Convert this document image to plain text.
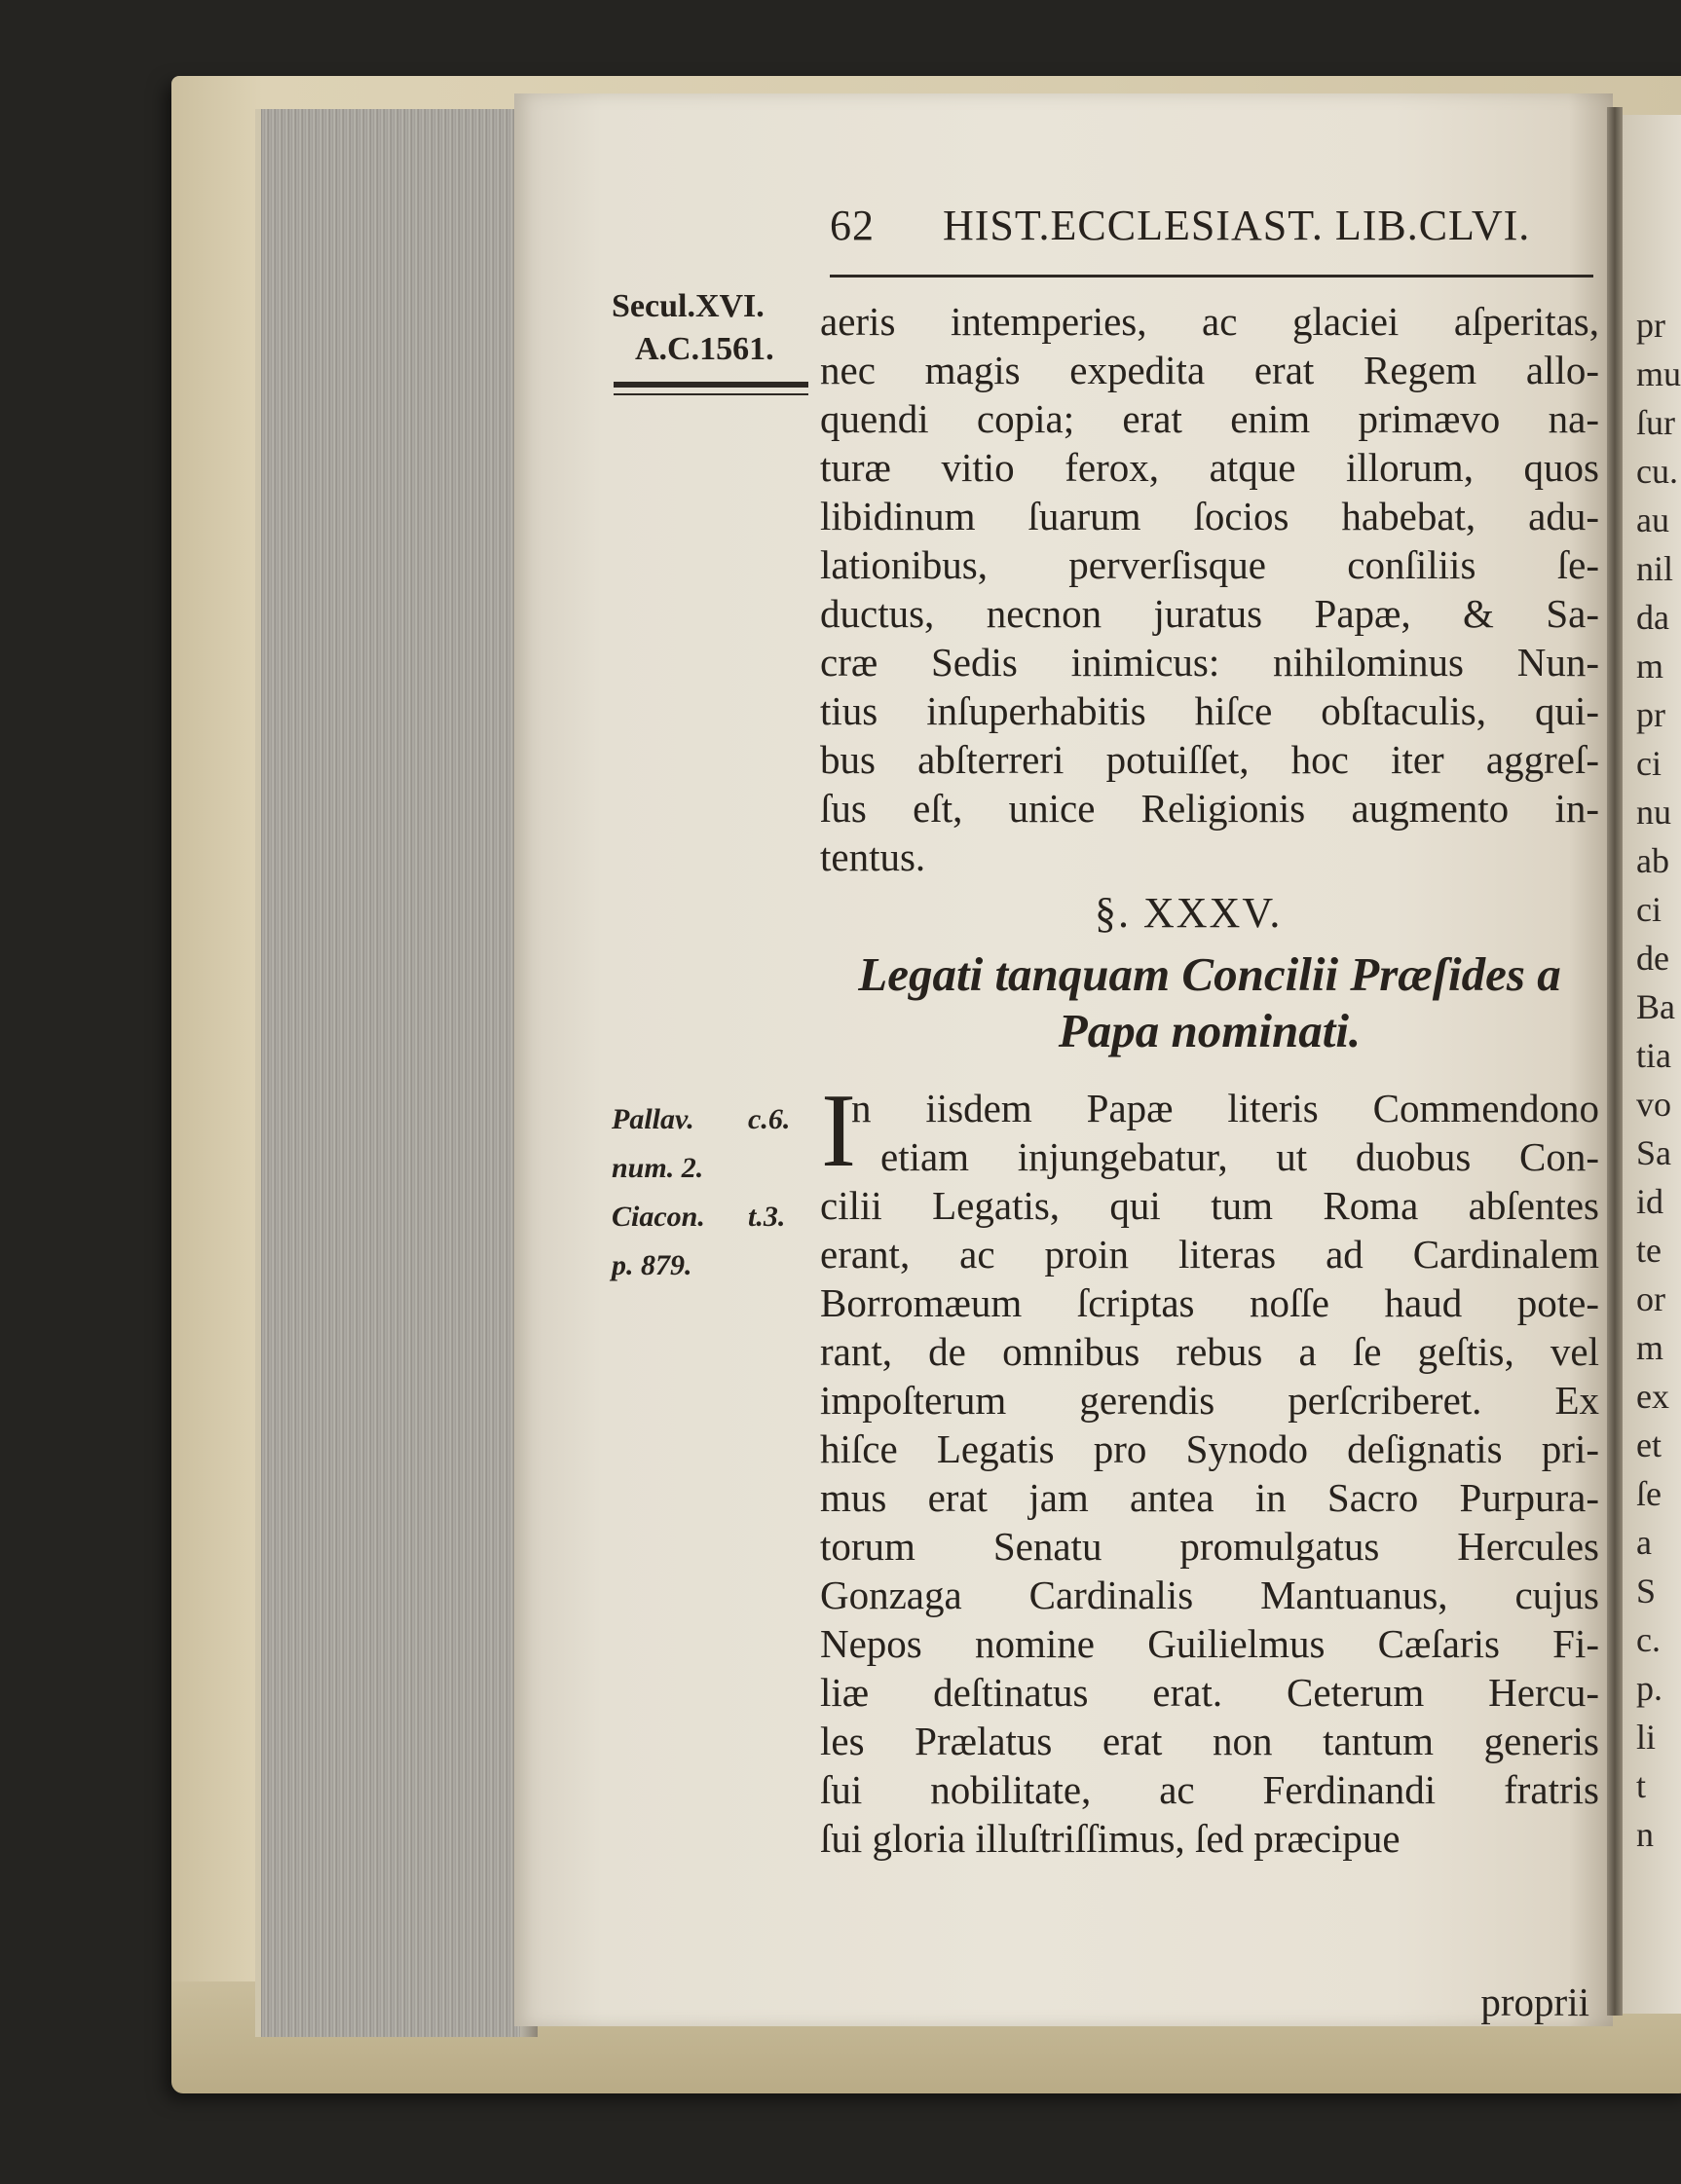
pr
mu
ſur
cu.
au
nil
da
m
pr
ci
nu
ab
ci
de
Ba
tia
vo
Sa
id
te
or
m
ex
et
ſe
a
S
c.
p.
li
t
n
62 HIST.ECCLESIAST. LIB.CLVI.
Secul.XVI.
A.C.1561.
aeris intemperies, ac glaciei aſperitas,
nec magis expedita erat Regem allo-
quendi copia; erat enim primævo na-
turæ vitio ferox, atque illorum, quos
libidinum ſuarum ſocios habebat, adu-
lationibus, perverſisque conſiliis ſe-
ductus, necnon juratus Papæ, & Sa-
cræ Sedis inimicus: nihilominus Nun-
tius inſuperhabitis hiſce obſtaculis, qui-
bus abſterreri potuiſſet, hoc iter aggreſ-
ſus eſt, unice Religionis augmento in-
tentus.
§. XXXV.
Legati tanquam Concilii Præſides a
Papa nominati.
I
n iisdem Papæ literis Commendono
etiam injungebatur, ut duobus Con-
cilii Legatis, qui tum Roma abſentes
erant, ac proin literas ad Cardinalem
Borromæum ſcriptas noſſe haud pote-
rant, de omnibus rebus a ſe geſtis, vel
impoſterum gerendis perſcriberet. Ex
hiſce Legatis pro Synodo deſignatis pri-
mus erat jam antea in Sacro Purpura-
torum Senatu promulgatus Hercules
Gonzaga Cardinalis Mantuanus, cujus
Nepos nomine Guilielmus Cæſaris Fi-
liæ deſtinatus erat. Ceterum Hercu-
les Prælatus erat non tantum generis
ſui nobilitate, ac Ferdinandi fratris
ſui gloria illuſtriſſimus, ſed præcipue
Pallav. c.6.
num. 2.
Ciacon. t.3.
p. 879.
proprii
